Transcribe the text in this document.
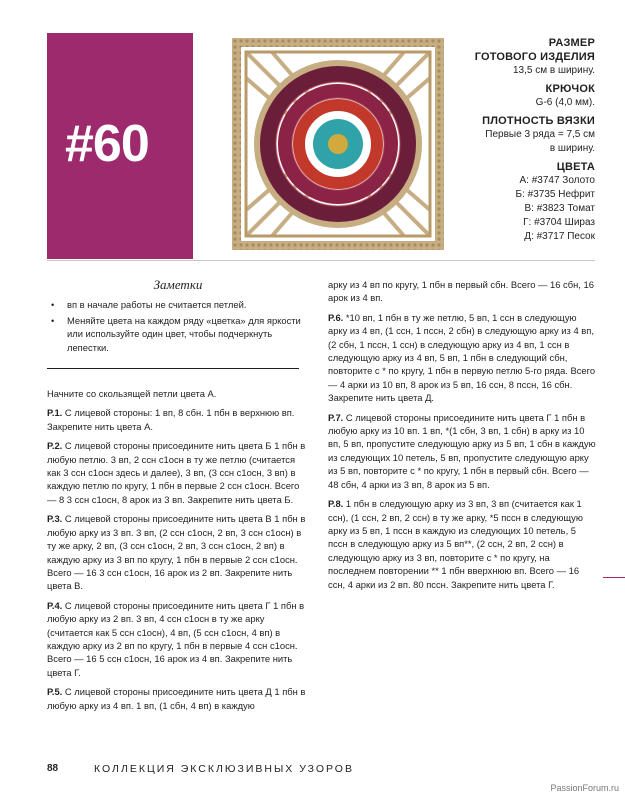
#60
РАЗМЕР
ГОТОВОГО ИЗДЕЛИЯ
13,5 см в ширину.
КРЮЧОК
G-6 (4,0 мм).
ПЛОТНОСТЬ ВЯЗКИ
Первые 3 ряда = 7,5 см
в ширину.
ЦВЕТА
А: #3747 Золото
Б: #3735 Нефрит
В: #3823 Томат
Г: #3704 Шираз
Д: #3717 Песок
Заметки
• вп в начале работы не считается петлей.
• Меняйте цвета на каждом ряду «цветка» для яркости или используйте один цвет, чтобы подчеркнуть лепестки.

Начните со скользящей петли цвета А.

Р.1. С лицевой стороны: 1 вп, 8 сбн. 1 пбн в верхнюю вп. Закрепите нить цвета А.

Р.2. С лицевой стороны присоедините нить цвета Б 1 пбн в любую петлю. 3 вп, 2 ссн с1осн в ту же петлю (считается как 3 ссн с1осн здесь и далее), 3 вп, (3 ссн с1осн, 3 вп) в каждую петлю по кругу, 1 пбн в первые 2 ссн с1осн. Всего — 8 3 ссн с1осн, 8 арок из 3 вп. Закрепите нить цвета Б.

Р.3. С лицевой стороны присоедините нить цвета В 1 пбн в любую арку из 3 вп. 3 вп, (2 ссн с1осн, 2 вп, 3 ссн с1осн) в ту же арку, 2 вп, (3 ссн с1осн, 2 вп, 3 ссн с1осн, 2 вп) в каждую арку из 3 вп по кругу, 1 пбн в первые 2 ссн с1осн. Всего — 16 3 ссн с1осн, 16 арок из 2 вп. Закрепите нить цвета В.

Р.4. С лицевой стороны присоедините нить цвета Г 1 пбн в любую арку из 2 вп. 3 вп, 4 ссн с1осн в ту же арку (считается как 5 ссн с1осн), 4 вп, (5 ссн с1осн, 4 вп) в каждую арку из 2 вп по кругу, 1 пбн в первые 4 ссн с1осн. Всего — 16 5 ссн с1осн, 16 арок из 4 вп. Закрепите нить цвета Г.

Р.5. С лицевой стороны присоедините нить цвета Д 1 пбн в любую арку из 4 вп. 1 вп, (1 сбн, 4 вп) в каждую

арку из 4 вп по кругу, 1 пбн в первый сбн. Всего — 16 сбн, 16 арок из 4 вп.

Р.6. *10 вп, 1 пбн в ту же петлю, 5 вп, 1 ссн в следующую арку из 4 вп, (1 ссн, 1 пссн, 2 сбн) в следующую арку из 4 вп, (2 сбн, 1 пссн, 1 ссн) в следующую арку из 4 вп, 1 ссн в следующую арку из 4 вп, 5 вп, 1 пбн в следующий сбн, повторите с * по кругу, 1 пбн в первую петлю 5-го ряда. Всего — 4 арки из 10 вп, 8 арок из 5 вп, 16 ссн, 8 пссн, 16 сбн. Закрепите нить цвета Д.

Р.7. С лицевой стороны присоедините нить цвета Г 1 пбн в любую арку из 10 вп. 1 вп, *(1 сбн, 3 вп, 1 сбн) в арку из 10 вп, 5 вп, пропустите следующую арку из 5 вп, 1 сбн в каждую из следующих 10 петель, 5 вп, пропустите следующую арку из 5 вп, повторите с * по кругу, 1 пбн в первый сбн. Всего — 48 сбн, 4 арки из 3 вп, 8 арок из 5 вп.

Р.8. 1 пбн в следующую арку из 3 вп, 3 вп (считается как 1 ссн), (1 ссн, 2 вп, 2 ссн) в ту же арку, *5 пссн в следующую арку из 5 вп, 1 пссн в каждую из следующих 10 петель, 5 пссн в следующую арку из 5 вп**, (2 ссн, 2 вп, 2 ссн) в следующую арку из 3 вп, повторите с * по кругу, на последнем повторении ** 1 пбн вверхнюю вп. Всего — 16 ссн, 4 арки из 2 вп. 80 пссн. Закрепите нить цвета Г.

88	КОЛЛЕКЦИЯ ЭКСКЛЮЗИВНЫХ УЗОРОВ
PassionForum.ru
